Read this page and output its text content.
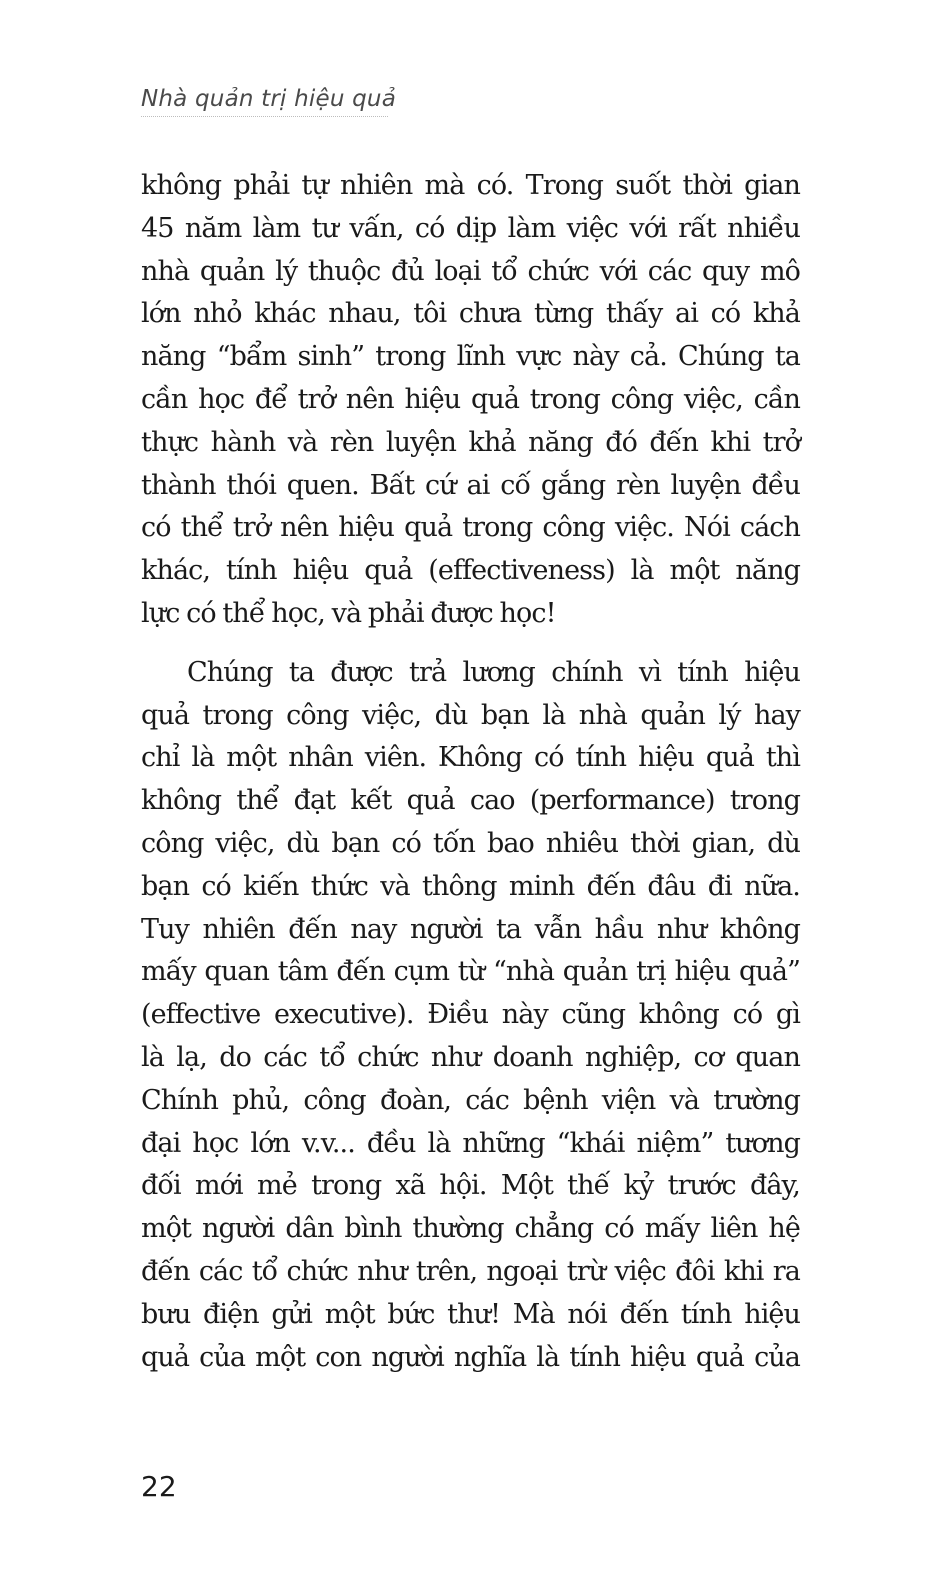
Nhà quản trị hiệu quả

không phải tự nhiên mà có. Trong suốt thời gian
45 năm làm tư vấn, có dịp làm việc với rất nhiều
nhà quản lý thuộc đủ loại tổ chức với các quy mô
lớn nhỏ khác nhau, tôi chưa từng thấy ai có khả
năng “bẩm sinh” trong lĩnh vực này cả. Chúng ta
cần học để trở nên hiệu quả trong công việc, cần
thực hành và rèn luyện khả năng đó đến khi trở
thành thói quen. Bất cứ ai cố gắng rèn luyện đều
có thể trở nên hiệu quả trong công việc. Nói cách
khác, tính hiệu quả (effectiveness) là một năng
lực có thể học, và phải được học!

Chúng ta được trả lương chính vì tính hiệu
quả trong công việc, dù bạn là nhà quản lý hay
chỉ là một nhân viên. Không có tính hiệu quả thì
không thể đạt kết quả cao (performance) trong
công việc, dù bạn có tốn bao nhiêu thời gian, dù
bạn có kiến thức và thông minh đến đâu đi nữa.
Tuy nhiên đến nay người ta vẫn hầu như không
mấy quan tâm đến cụm từ “nhà quản trị hiệu quả”
(effective executive). Điều này cũng không có gì
là lạ, do các tổ chức như doanh nghiệp, cơ quan
Chính phủ, công đoàn, các bệnh viện và trường
đại học lớn v.v... đều là những “khái niệm” tương
đối mới mẻ trong xã hội. Một thế kỷ trước đây,
một người dân bình thường chẳng có mấy liên hệ
đến các tổ chức như trên, ngoại trừ việc đôi khi ra
bưu điện gửi một bức thư! Mà nói đến tính hiệu
quả của một con người nghĩa là tính hiệu quả của

22
